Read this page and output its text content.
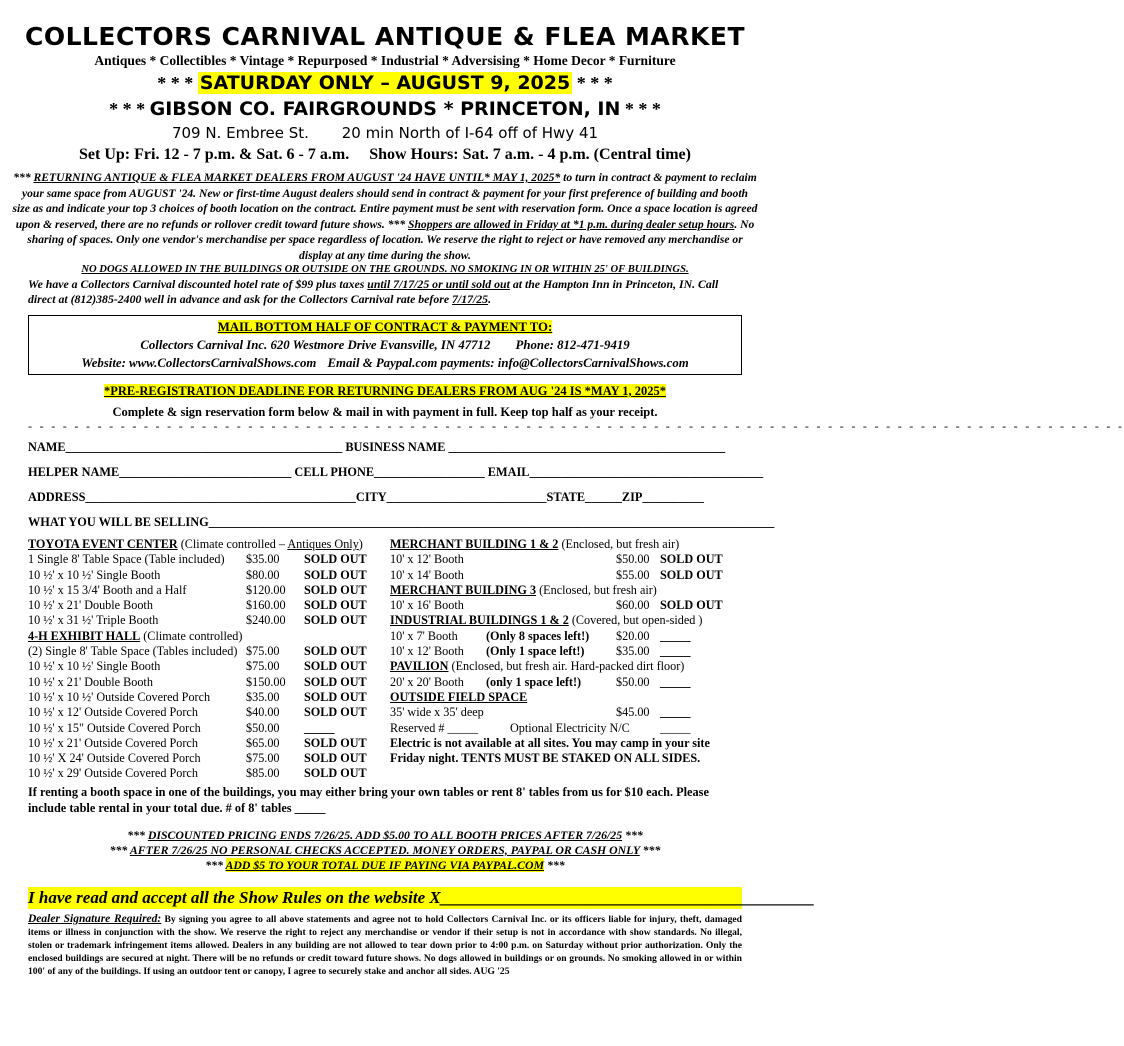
COLLECTORS CARNIVAL ANTIQUE & FLEA MARKET
Antiques * Collectibles * Vintage * Repurposed * Industrial * Adversising * Home Decor * Furniture
* * * SATURDAY ONLY – AUGUST 9, 2025 * * *
* * * GIBSON CO. FAIRGROUNDS * PRINCETON, IN * * *
709 N. Embree St. 20 min North of I-64 off of Hwy 41
Set Up: Fri. 12 - 7 p.m. & Sat. 6 - 7 a.m. Show Hours: Sat. 7 a.m. - 4 p.m. (Central time)
*** RETURNING ANTIQUE & FLEA MARKET DEALERS FROM AUGUST '24 HAVE UNTIL* MAY 1, 2025* to turn in contract & payment to reclaim your same space from AUGUST '24. New or first-time August dealers should send in contract & payment for your first preference of building and booth size as and indicate your top 3 choices of booth location on the contract. Entire payment must be sent with reservation form. Once a space location is agreed upon & reserved, there are no refunds or rollover credit toward future shows. *** Shoppers are allowed in Friday at *1 p.m. during dealer setup hours. No sharing of spaces. Only one vendor's merchandise per space regardless of location. We reserve the right to reject or have removed any merchandise or display at any time during the show.
NO DOGS ALLOWED IN THE BUILDINGS OR OUTSIDE ON THE GROUNDS. NO SMOKING IN OR WITHIN 25' OF BUILDINGS.
We have a Collectors Carnival discounted hotel rate of $99 plus taxes until 7/17/25 or until sold out at the Hampton Inn in Princeton, IN. Call direct at (812)385-2400 well in advance and ask for the Collectors Carnival rate before 7/17/25.
MAIL BOTTOM HALF OF CONTRACT & PAYMENT TO:
Collectors Carnival Inc. 620 Westmore Drive Evansville, IN 47712 Phone: 812-471-9419
Website: www.CollectorsCarnivalShows.com Email & Paypal.com payments: info@CollectorsCarnivalShows.com
*PRE-REGISTRATION DEADLINE FOR RETURNING DEALERS FROM AUG '24 IS *MAY 1, 2025*
Complete & sign reservation form below & mail in with payment in full. Keep top half as your receipt.
- - - - - - - - - - - - - - - - - - - - - - - - - - - - - - - - - - - - - - - - - - - - - - - - - - - - - - - - - - - - - - - - - - - - - - - - - - - - - - - - - - - - - - - - - - - - - - -
NAME_____________________________________________ BUSINESS NAME _____________________________________________
HELPER NAME____________________________ CELL PHONE__________________ EMAIL______________________________________
ADDRESS____________________________________________CITY__________________________STATE______ZIP__________
WHAT YOU WILL BE SELLING____________________________________________________________________________________________
TOYOTA EVENT CENTER (Climate controlled – Antiques Only)
1 Single 8' Table Space (Table included) $35.00 SOLD OUT
10 ½' x 10 ½' Single Booth	$80.00 SOLD OUT
10 ½' x 15 3/4' Booth and a Half	$120.00 SOLD OUT
10 ½' x 21' Double Booth	$160.00 SOLD OUT
10 ½' x 31 ½' Triple Booth	$240.00 SOLD OUT
4-H EXHIBIT HALL (Climate controlled)
(2) Single 8' Table Space (Tables included) $75.00 SOLD OUT
10 ½' x 10 ½' Single Booth	$75.00 SOLD OUT
10 ½' x 21' Double Booth	$150.00 SOLD OUT
10 ½' x 10 ½' Outside Covered Porch	$35.00 SOLD OUT
10 ½' x 12' Outside Covered Porch	$40.00 SOLD OUT
10 ½' x 15" Outside Covered Porch	$50.00 _____
10 ½' x 21' Outside Covered Porch	$65.00 SOLD OUT
10 ½' X 24' Outside Covered Porch	$75.00 SOLD OUT
10 ½' x 29' Outside Covered Porch	$85.00 SOLD OUT
MERCHANT BUILDING 1 & 2 (Enclosed, but fresh air)
10' x 12' Booth	$50.00 SOLD OUT
10' x 14' Booth	$55.00 SOLD OUT
MERCHANT BUILDING 3 (Enclosed, but fresh air)
10' x 16' Booth	$60.00 SOLD OUT
INDUSTRIAL BUILDINGS 1 & 2 (Covered, but open-sided )
10' x 7' Booth (Only 8 spaces left!) $20.00 _____
10' x 12' Booth (Only 1 space left!)	$35.00 _____
PAVILION (Enclosed, but fresh air. Hard-packed dirt floor)
20' x 20' Booth (only 1 space left!)	$50.00 _____
OUTSIDE FIELD SPACE
35' wide x 35' deep	$45.00 _____
Reserved # _____	Optional Electricity N/C _____
Electric is not available at all sites. You may camp in your site Friday night. TENTS MUST BE STAKED ON ALL SIDES.
If renting a booth space in one of the buildings, you may either bring your own tables or rent 8' tables from us for $10 each. Please include table rental in your total due. # of 8' tables _____
*** DISCOUNTED PRICING ENDS 7/26/25. ADD $5.00 TO ALL BOOTH PRICES AFTER 7/26/25 ***
*** AFTER 7/26/25 NO PERSONAL CHECKS ACCEPTED. MONEY ORDERS, PAYPAL OR CASH ONLY ***
*** ADD $5 TO YOUR TOTAL DUE IF PAYING VIA PAYPAL.COM ***
I have read and accept all the Show Rules on the website X____________________________________________
Dealer Signature Required: By signing you agree to all above statements and agree not to hold Collectors Carnival Inc. or its officers liable for injury, theft, damaged items or illness in conjunction with the show. We reserve the right to reject any merchandise or vendor if their setup is not in accordance with show standards. No illegal, stolen or trademark infringement items allowed. Dealers in any building are not allowed to tear down prior to 4:00 p.m. on Saturday without prior authorization. Only the enclosed buildings are secured at night. There will be no refunds or credit toward future shows. No dogs allowed in buildings or on grounds. No smoking allowed in or within 100' of any of the buildings. If using an outdoor tent or canopy, I agree to securely stake and anchor all sides. AUG '25
